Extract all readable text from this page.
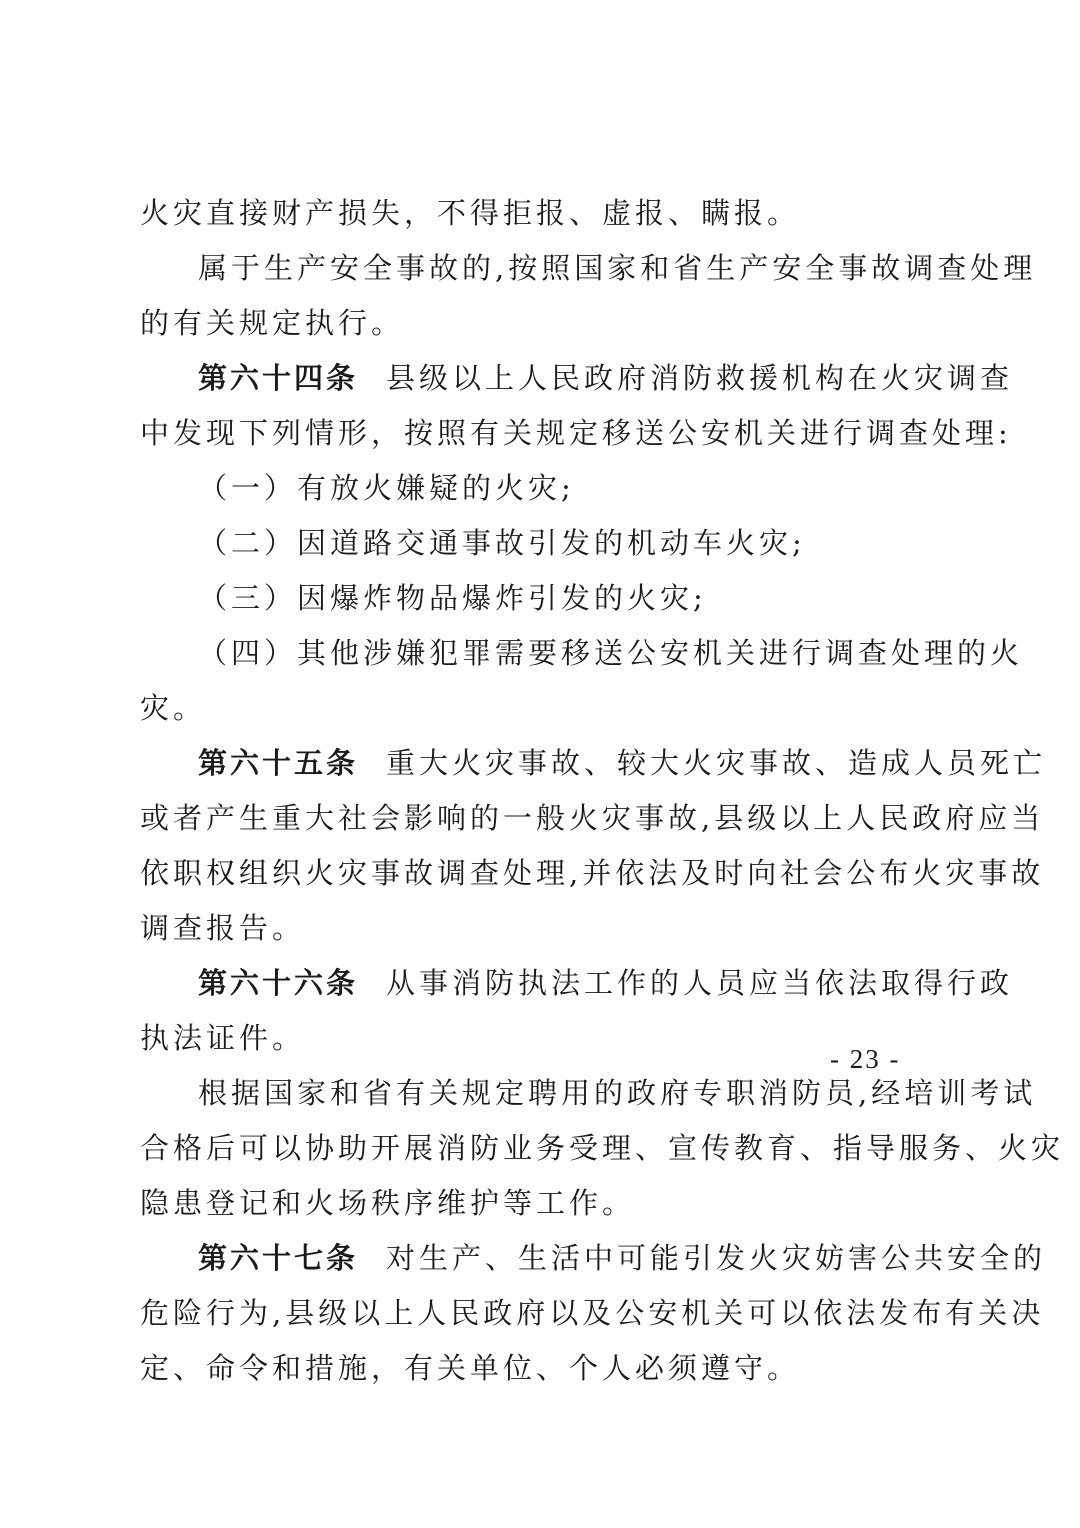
火灾直接财产损失，不得拒报、虚报、瞒报。
属于生产安全事故的,按照国家和省生产安全事故调查处理
的有关规定执行。
第六十四条 县级以上人民政府消防救援机构在火灾调查
中发现下列情形，按照有关规定移送公安机关进行调查处理:
（一）有放火嫌疑的火灾;
（二）因道路交通事故引发的机动车火灾;
（三）因爆炸物品爆炸引发的火灾;
（四）其他涉嫌犯罪需要移送公安机关进行调查处理的火
灾。
第六十五条 重大火灾事故、较大火灾事故、造成人员死亡
或者产生重大社会影响的一般火灾事故,县级以上人民政府应当
依职权组织火灾事故调查处理,并依法及时向社会公布火灾事故
调查报告。
第六十六条 从事消防执法工作的人员应当依法取得行政
执法证件。
根据国家和省有关规定聘用的政府专职消防员,经培训考试
合格后可以协助开展消防业务受理、宣传教育、指导服务、火灾
隐患登记和火场秩序维护等工作。
第六十七条 对生产、生活中可能引发火灾妨害公共安全的
危险行为,县级以上人民政府以及公安机关可以依法发布有关决
定、命令和措施，有关单位、个人必须遵守。
- 23 -
